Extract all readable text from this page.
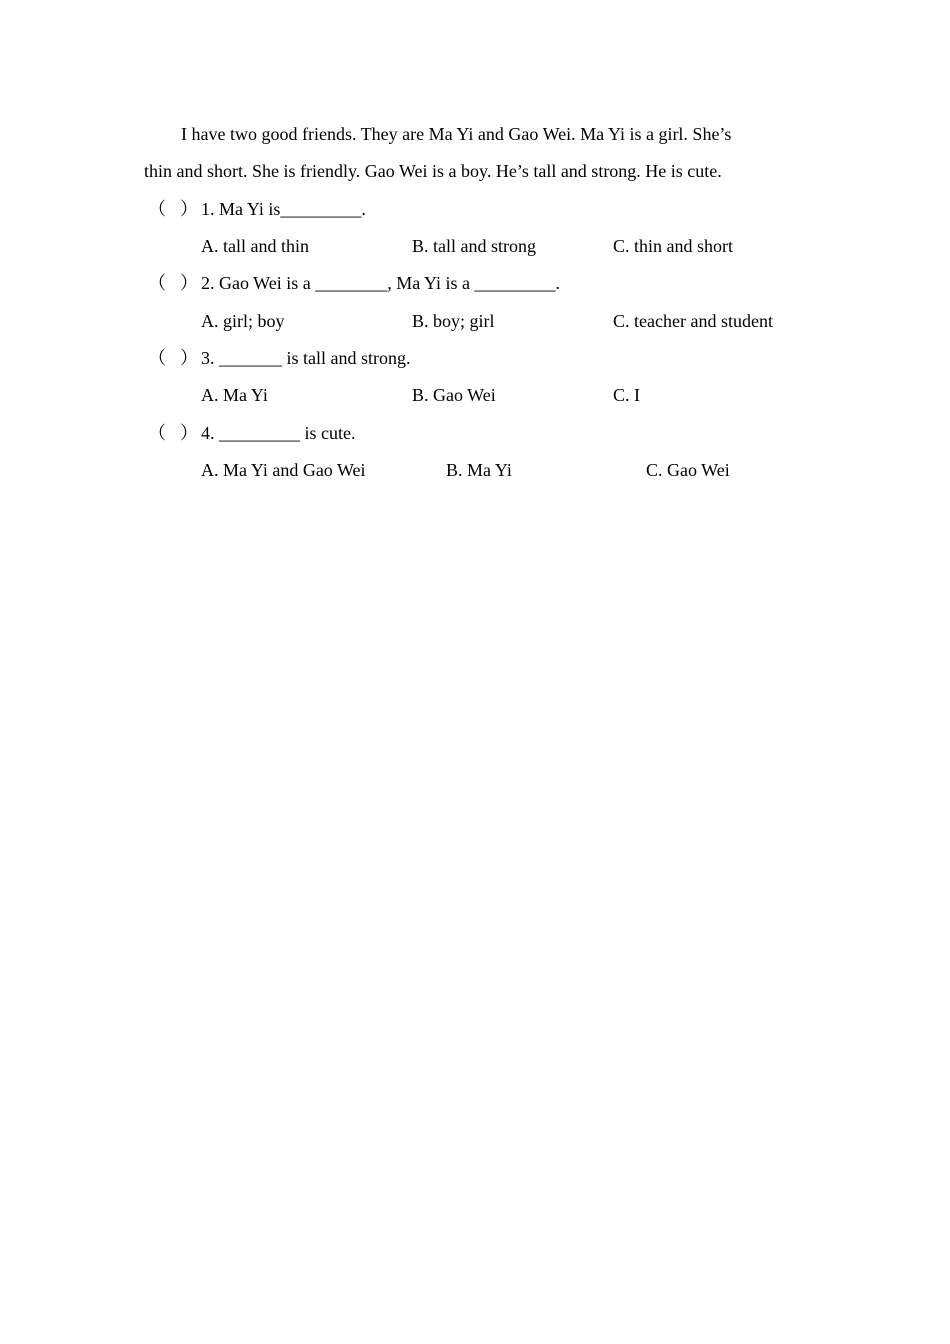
I have two good friends. They are Ma Yi and Gao Wei. Ma Yi is a girl. She’s
thin and short. She is friendly. Gao Wei is a boy. He’s tall and strong. He is cute.
（ ） 1. Ma Yi is_________.
A. tall and thin	B. tall and strong	C. thin and short
（ ） 2. Gao Wei is a ________, Ma Yi is a _________.
A. girl; boy	B. boy; girl	C. teacher and student
（ ） 3. _______ is tall and strong.
A. Ma Yi	B. Gao Wei	C. I
（ ） 4. _________ is cute.
A. Ma Yi and Gao Wei	B. Ma Yi	C. Gao Wei
